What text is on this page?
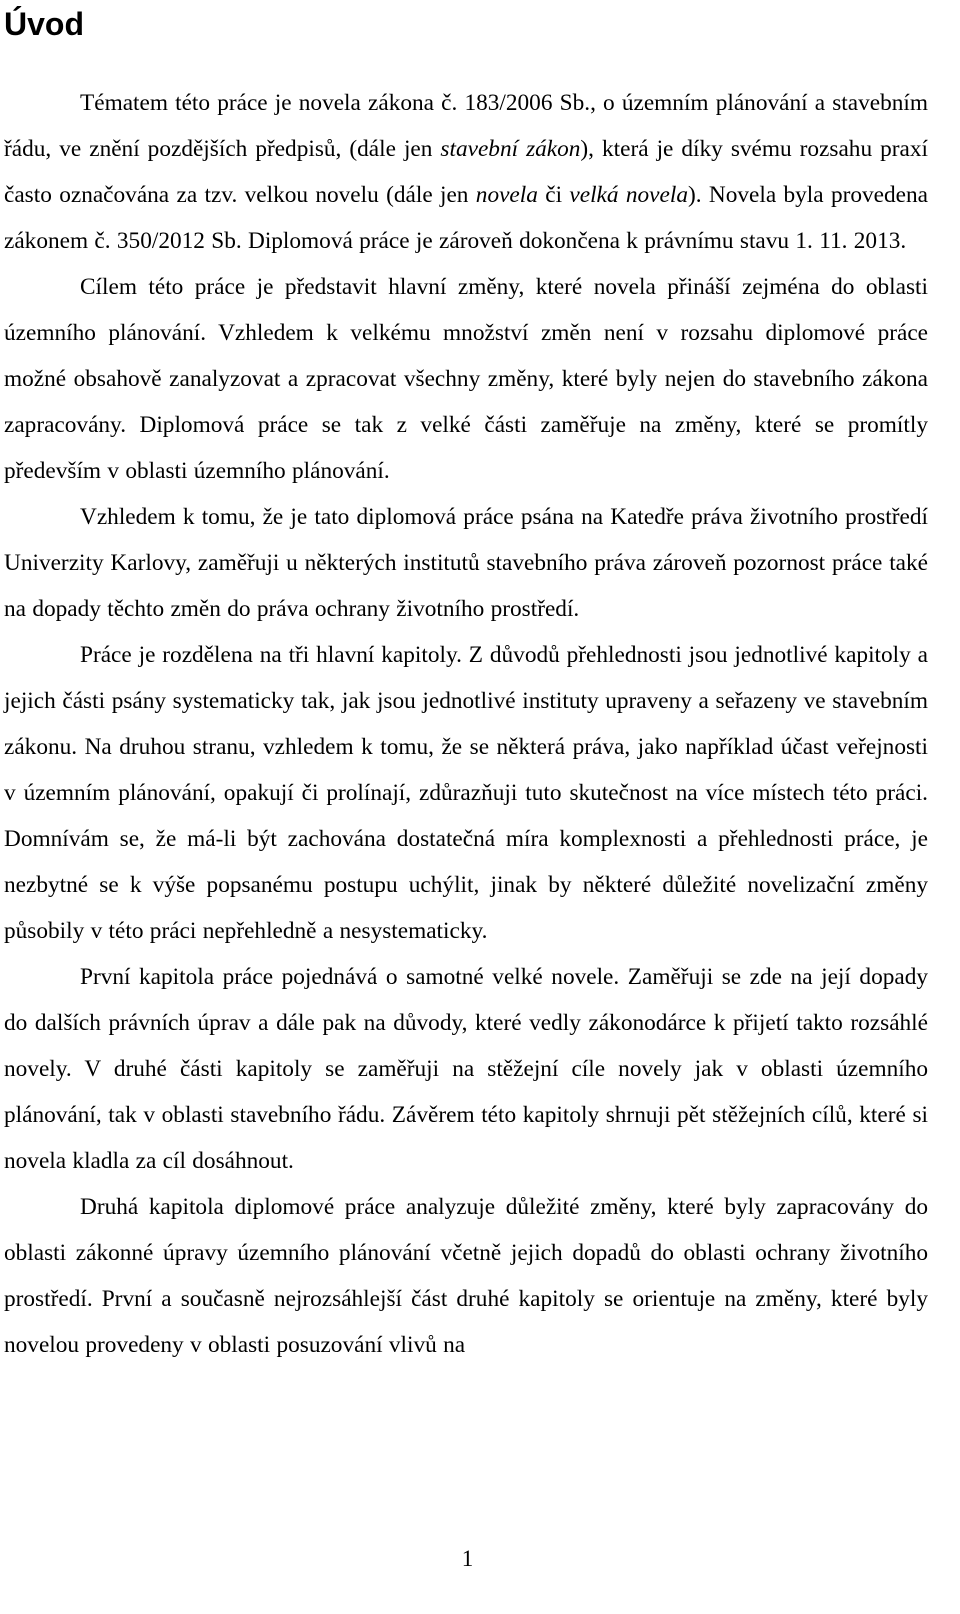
Úvod

Tématem této práce je novela zákona č. 183/2006 Sb., o územním plánování a stavebním řádu, ve znění pozdějších předpisů, (dále jen stavební zákon), která je díky svému rozsahu praxí často označována za tzv. velkou novelu (dále jen novela či velká novela). Novela byla provedena zákonem č. 350/2012 Sb. Diplomová práce je zároveň dokončena k právnímu stavu 1. 11. 2013.

Cílem této práce je představit hlavní změny, které novela přináší zejména do oblasti územního plánování. Vzhledem k velkému množství změn není v rozsahu diplomové práce možné obsahově zanalyzovat a zpracovat všechny změny, které byly nejen do stavebního zákona zapracovány. Diplomová práce se tak z velké části zaměřuje na změny, které se promítly především v oblasti územního plánování.

Vzhledem k tomu, že je tato diplomová práce psána na Katedře práva životního prostředí Univerzity Karlovy, zaměřuji u některých institutů stavebního práva zároveň pozornost práce také na dopady těchto změn do práva ochrany životního prostředí.

Práce je rozdělena na tři hlavní kapitoly. Z důvodů přehlednosti jsou jednotlivé kapitoly a jejich části psány systematicky tak, jak jsou jednotlivé instituty upraveny a seřazeny ve stavebním zákonu. Na druhou stranu, vzhledem k tomu, že se některá práva, jako například účast veřejnosti v územním plánování, opakují či prolínají, zdůrazňuji tuto skutečnost na více místech této práci. Domnívám se, že má-li být zachována dostatečná míra komplexnosti a přehlednosti práce, je nezbytné se k výše popsanému postupu uchýlit, jinak by některé důležité novelizační změny působily v této práci nepřehledně a nesystematicky.

První kapitola práce pojednává o samotné velké novele. Zaměřuji se zde na její dopady do dalších právních úprav a dále pak na důvody, které vedly zákonodárce k přijetí takto rozsáhlé novely. V druhé části kapitoly se zaměřuji na stěžejní cíle novely jak v oblasti územního plánování, tak v oblasti stavebního řádu. Závěrem této kapitoly shrnuji pět stěžejních cílů, které si novela kladla za cíl dosáhnout.

Druhá kapitola diplomové práce analyzuje důležité změny, které byly zapracovány do oblasti zákonné úpravy územního plánování včetně jejich dopadů do oblasti ochrany životního prostředí. První a současně nejrozsáhlejší část druhé kapitoly se orientuje na změny, které byly novelou provedeny v oblasti posuzování vlivů na

1
